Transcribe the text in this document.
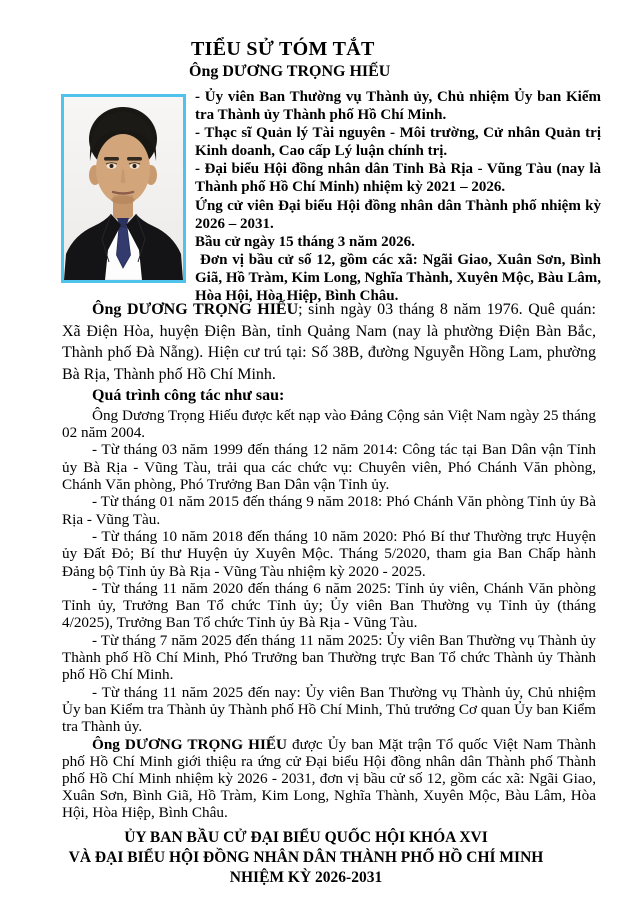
TIỂU SỬ TÓM TẮT
Ông DƯƠNG TRỌNG HIẾU

- Ủy viên Ban Thường vụ Thành ủy, Chủ nhiệm Ủy ban Kiểm tra Thành ủy Thành phố Hồ Chí Minh.

- Thạc sĩ Quản lý Tài nguyên - Môi trường, Cử nhân Quản trị Kinh doanh, Cao cấp Lý luận chính trị.

- Đại biểu Hội đồng nhân dân Tỉnh Bà Rịa - Vũng Tàu (nay là Thành phố Hồ Chí Minh) nhiệm kỳ 2021 – 2026.

Ứng cử viên Đại biểu Hội đồng nhân dân Thành phố nhiệm kỳ 2026 – 2031.

Bầu cử ngày 15 tháng 3 năm 2026.

Đơn vị bầu cử số 12, gồm các xã: Ngãi Giao, Xuân Sơn, Bình Giã, Hồ Tràm, Kim Long, Nghĩa Thành, Xuyên Mộc, Bàu Lâm, Hòa Hội, Hòa Hiệp, Bình Châu.

Ông DƯƠNG TRỌNG HIẾU; sinh ngày 03 tháng 8 năm 1976. Quê quán: Xã Điện Hòa, huyện Điện Bàn, tỉnh Quảng Nam (nay là phường Điện Bàn Bắc, Thành phố Đà Nẵng). Hiện cư trú tại: Số 38B, đường Nguyễn Hồng Lam, phường Bà Rịa, Thành phố Hồ Chí Minh.

Quá trình công tác như sau:

Ông Dương Trọng Hiếu được kết nạp vào Đảng Cộng sản Việt Nam ngày 25 tháng 02 năm 2004.

- Từ tháng 03 năm 1999 đến tháng 12 năm 2014: Công tác tại Ban Dân vận Tỉnh ủy Bà Rịa - Vũng Tàu, trải qua các chức vụ: Chuyên viên, Phó Chánh Văn phòng, Chánh Văn phòng, Phó Trưởng Ban Dân vận Tỉnh ủy.

- Từ tháng 01 năm 2015 đến tháng 9 năm 2018: Phó Chánh Văn phòng Tỉnh ủy Bà Rịa - Vũng Tàu.

- Từ tháng 10 năm 2018 đến tháng 10 năm 2020: Phó Bí thư Thường trực Huyện ủy Đất Đỏ; Bí thư Huyện ủy Xuyên Mộc. Tháng 5/2020, tham gia Ban Chấp hành Đảng bộ Tỉnh ủy Bà Rịa - Vũng Tàu nhiệm kỳ 2020 - 2025.

- Từ tháng 11 năm 2020 đến tháng 6 năm 2025: Tỉnh ủy viên, Chánh Văn phòng Tỉnh ủy, Trưởng Ban Tổ chức Tỉnh ủy; Ủy viên Ban Thường vụ Tỉnh ủy (tháng 4/2025), Trưởng Ban Tổ chức Tỉnh ủy Bà Rịa - Vũng Tàu.

- Từ tháng 7 năm 2025 đến tháng 11 năm 2025: Ủy viên Ban Thường vụ Thành ủy Thành phố Hồ Chí Minh, Phó Trưởng ban Thường trực Ban Tổ chức Thành ủy Thành phố Hồ Chí Minh.

- Từ tháng 11 năm 2025 đến nay: Ủy viên Ban Thường vụ Thành ủy, Chủ nhiệm Ủy ban Kiểm tra Thành ủy Thành phố Hồ Chí Minh, Thủ trưởng Cơ quan Ủy ban Kiểm tra Thành ủy.

Ông DƯƠNG TRỌNG HIẾU được Ủy ban Mặt trận Tổ quốc Việt Nam Thành phố Hồ Chí Minh giới thiệu ra ứng cử Đại biểu Hội đồng nhân dân Thành phố Thành phố Hồ Chí Minh nhiệm kỳ 2026 - 2031, đơn vị bầu cử số 12, gồm các xã: Ngãi Giao, Xuân Sơn, Bình Giã, Hồ Tràm, Kim Long, Nghĩa Thành, Xuyên Mộc, Bàu Lâm, Hòa Hội, Hòa Hiệp, Bình Châu.

ỦY BAN BẦU CỬ ĐẠI BIỂU QUỐC HỘI KHÓA XVI
VÀ ĐẠI BIỂU HỘI ĐỒNG NHÂN DÂN THÀNH PHỐ HỒ CHÍ MINH
NHIỆM KỲ 2026-2031
